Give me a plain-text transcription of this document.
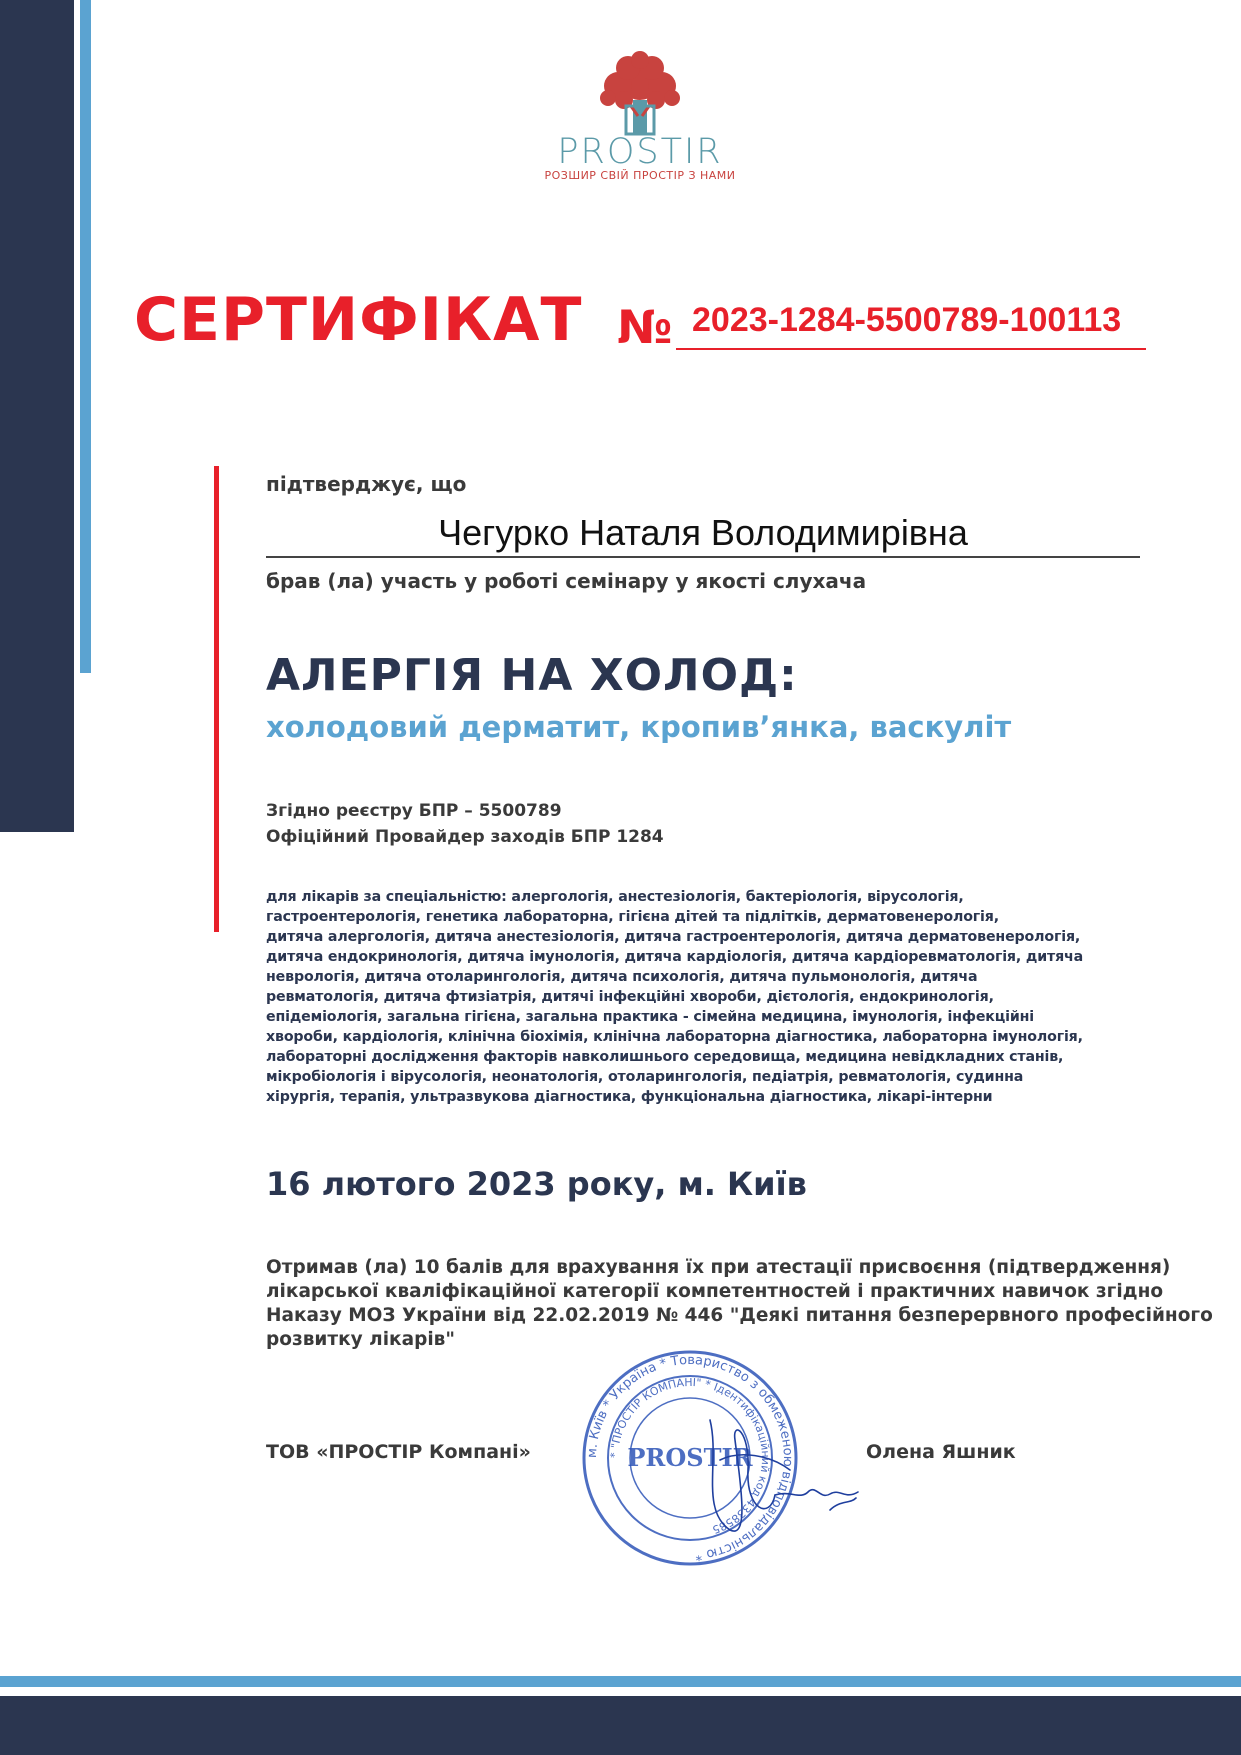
PROSTIR
РОЗШИР СВІЙ ПРОСТІР З НАМИ
СЕРТИФІКАТ № 2023-1284-5500789-100113
підтверджує, що
Чегурко Наталя Володимирівна
брав (ла) участь у роботі семінару у якості слухача
АЛЕРГІЯ НА ХОЛОД:
холодовий дерматит, кропив’янка, васкуліт
Згідно реєстру БПР – 5500789
Офіційний Провайдер заходів БПР 1284
для лікарів за спеціальністю: алергологія, анестезіологія, бактеріологія, вірусологія,
гастроентерологія, генетика лабораторна, гігієна дітей та підлітків, дерматовенерологія,
дитяча алергологія, дитяча анестезіологія, дитяча гастроентерологія, дитяча дерматовенерологія,
дитяча ендокринологія, дитяча імунологія, дитяча кардіологія, дитяча кардіоревматологія, дитяча
неврологія, дитяча отоларингологія, дитяча психологія, дитяча пульмонологія, дитяча
ревматологія, дитяча фтизіатрія, дитячі інфекційні хвороби, дієтологія, ендокринологія,
епідеміологія, загальна гігієна, загальна практика - сімейна медицина, імунологія, інфекційні
хвороби, кардіологія, клінічна біохімія, клінічна лабораторна діагностика, лабораторна імунологія,
лабораторні дослідження факторів навколишнього середовища, медицина невідкладних станів,
мікробіологія і вірусологія, неонатологія, отоларингологія, педіатрія, ревматологія, судинна
хірургія, терапія, ультразвукова діагностика, функціональна діагностика, лікарі-інтерни
16 лютого 2023 року, м. Київ
Отримав (ла) 10 балів для врахування їх при атестації присвоєння (підтвердження)
лікарської кваліфікаційної категорії компетентностей і практичних навичок згідно
Наказу МОЗ України від 22.02.2019 № 446 "Деякі питання безперервного професійного
розвитку лікарів"
м. Київ * Україна * Товариство з обмеженою відповідальністю *
* "ПРОСТІР КОМПАНІ" * Ідентифікаційний код 4338585
PROSTIR
ТОВ «ПРОСТІР Компані»	Олена Яшник
